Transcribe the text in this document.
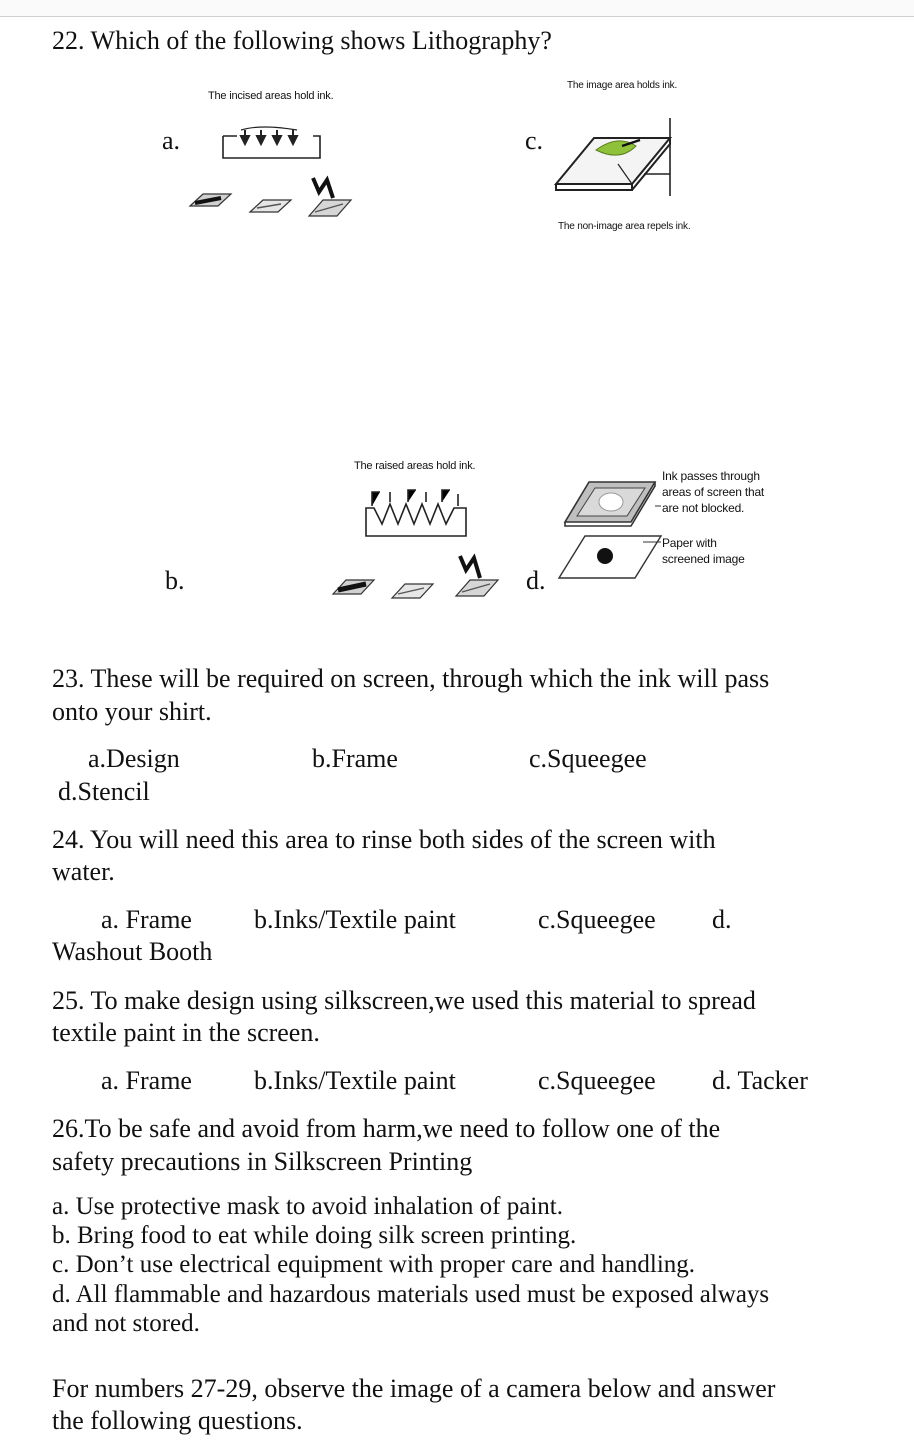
22. Which of the following shows Lithography?
a.
The incised areas hold ink.
c.
The image area holds ink.
The non-image area repels ink.
b.
The raised areas hold ink.
d.
Ink passes through
areas of screen that
are not blocked.
Paper with
screened image
23. These will be required on screen, through which the ink will pass
onto your shirt.
a.Design	b.Frame	c.Squeegee
d.Stencil
24. You will need this area to rinse both sides of the screen with
water.
a. Frame b.Inks/Textile paint	c.Squeegee d.
Washout Booth
25. To make design using silkscreen,we used this material to spread
textile paint in the screen.
a. Frame b.Inks/Textile paint	c.Squeegee d. Tacker
26.To be safe and avoid from harm,we need to follow one of the
safety precautions in Silkscreen Printing
a. Use protective mask to avoid inhalation of paint.
b. Bring food to eat while doing silk screen printing.
c. Don’t use electrical equipment with proper care and handling.
d. All flammable and hazardous materials used must be exposed always
and not stored.
For numbers 27-29, observe the image of a camera below and answer
the following questions.
